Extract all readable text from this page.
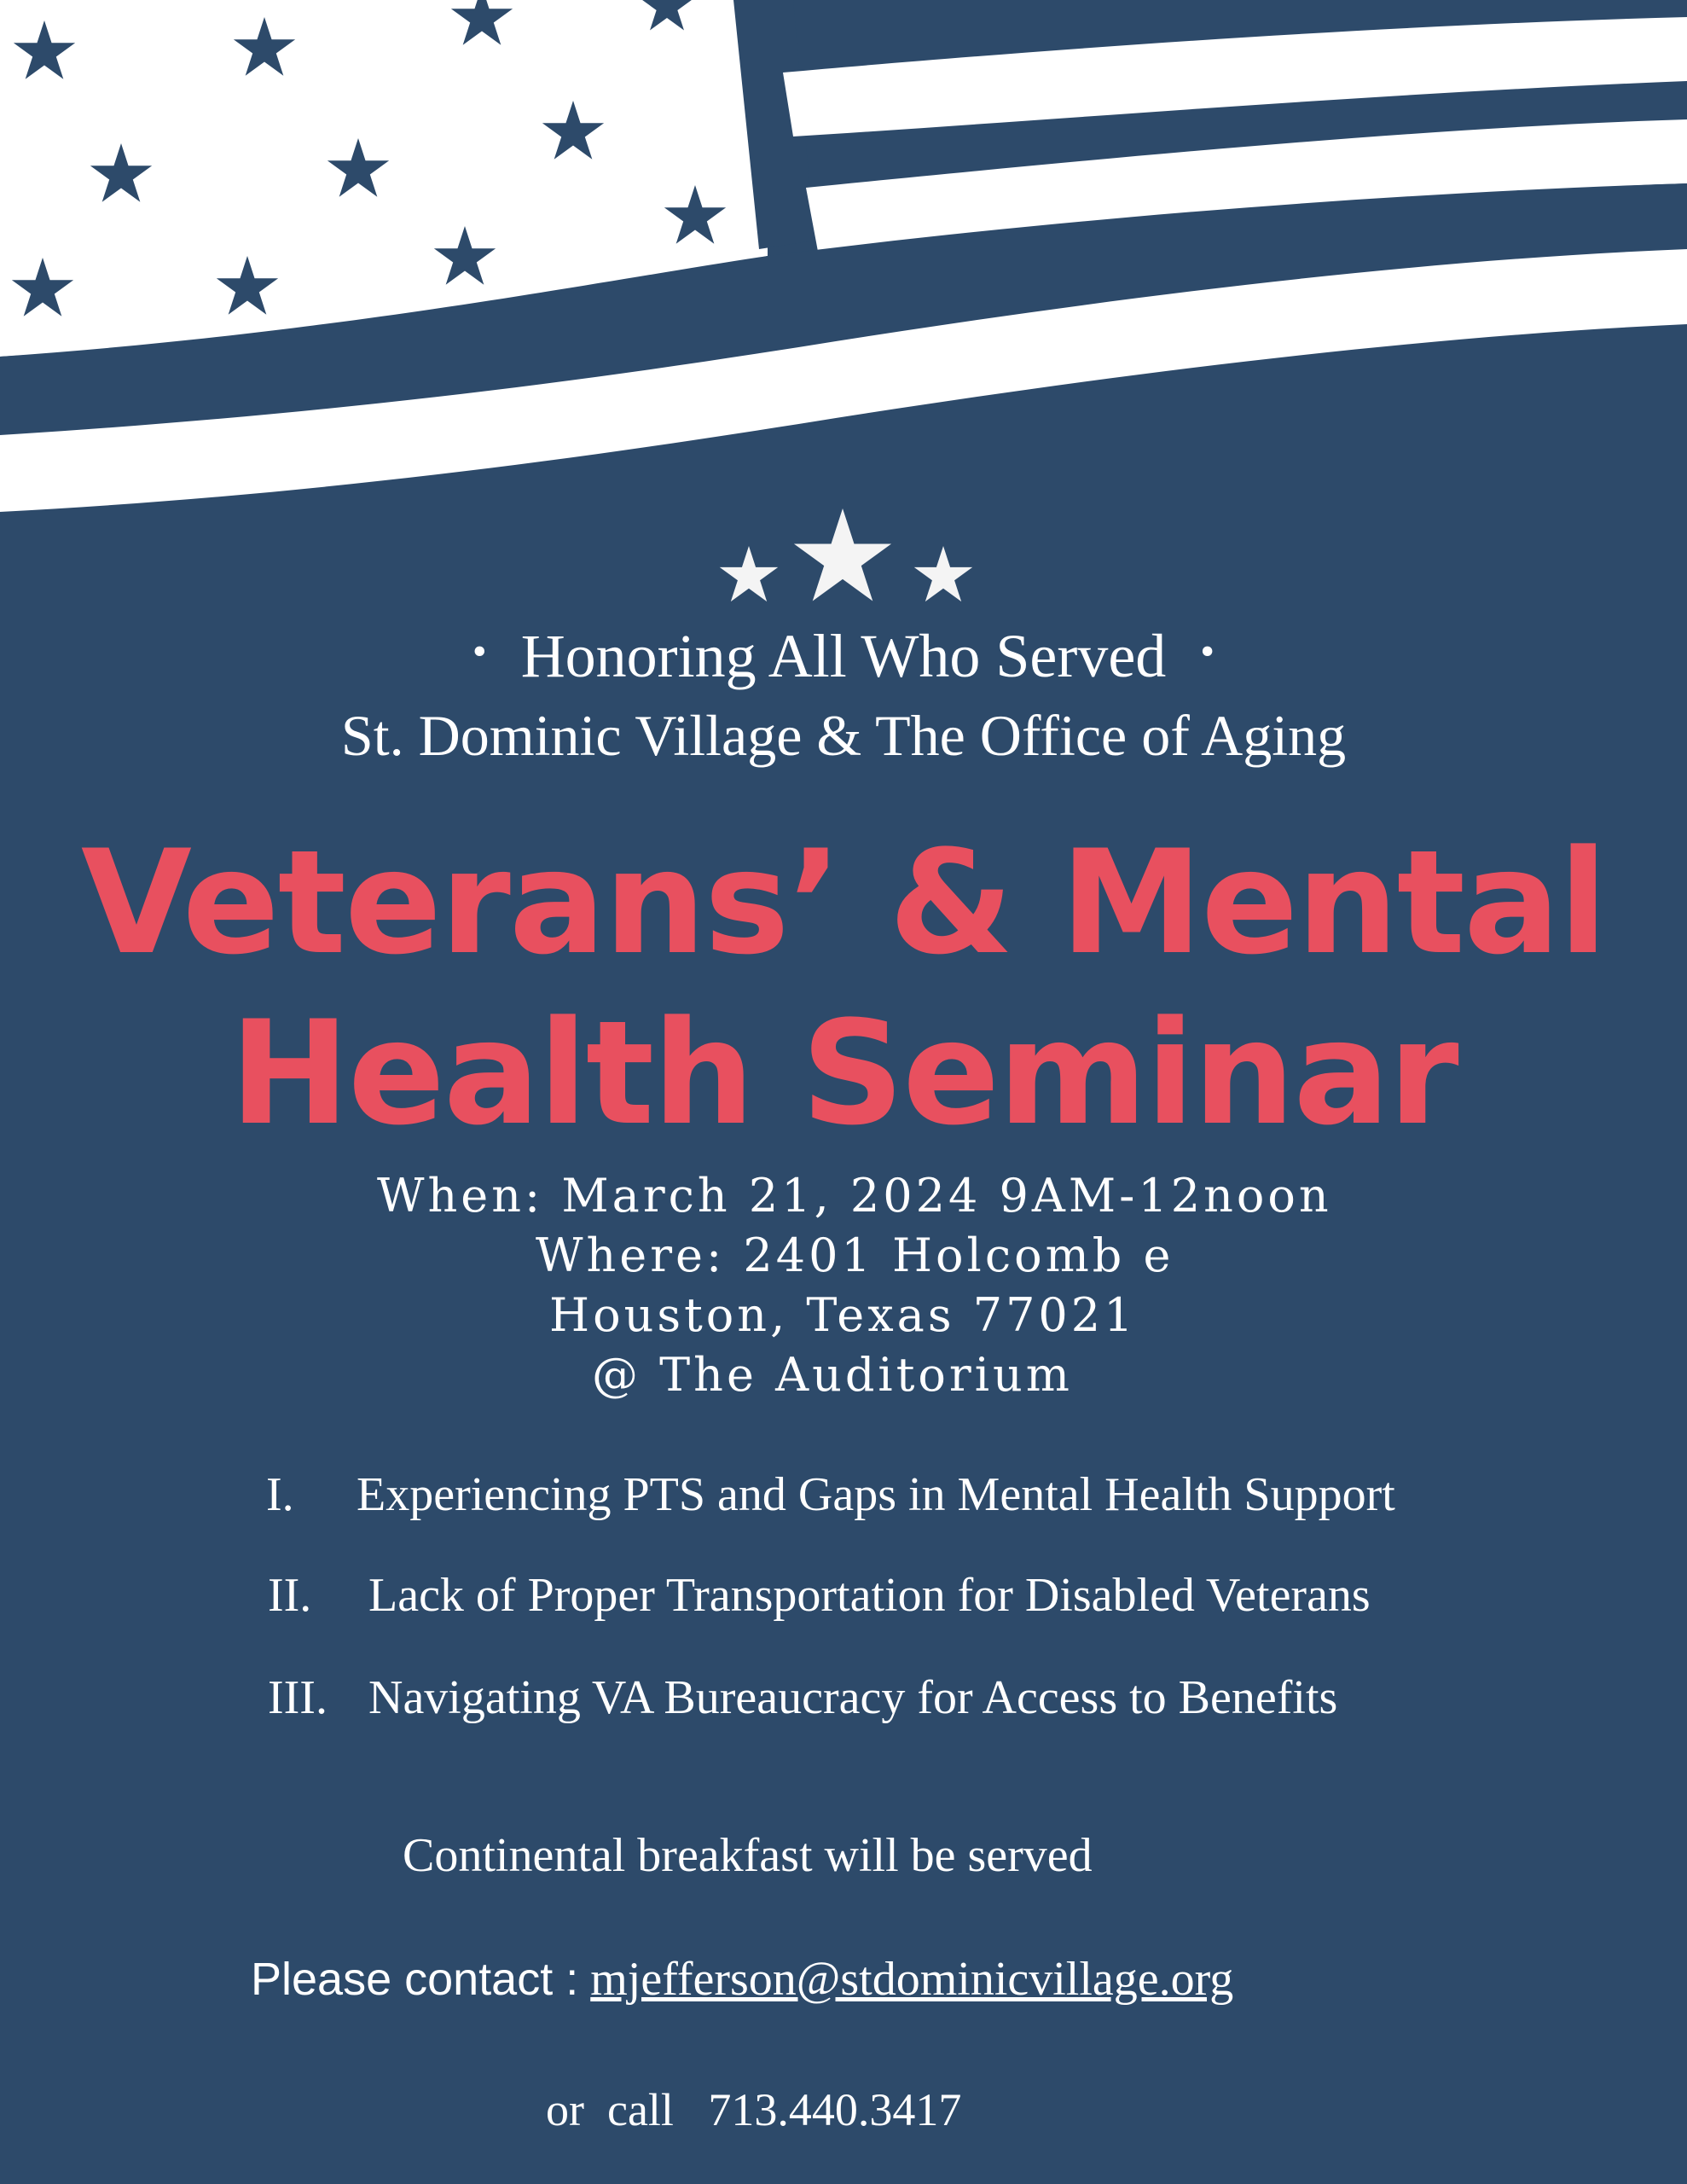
• Honoring All Who Served •
St. Dominic Village & The Office of Aging
Veterans’ & Mental
Health Seminar
When: March 21, 2024 9AM-12noon
Where: 2401 Holcomb e
Houston, Texas 77021
@ The Auditorium
I. Experiencing PTS and Gaps in Mental Health Support
II. Lack of Proper Transportation for Disabled Veterans
III. Navigating VA Bureaucracy for Access to Benefits
Continental breakfast will be served
Please contact : mjefferson@stdominicvillage.org
or  call   713.440.3417
